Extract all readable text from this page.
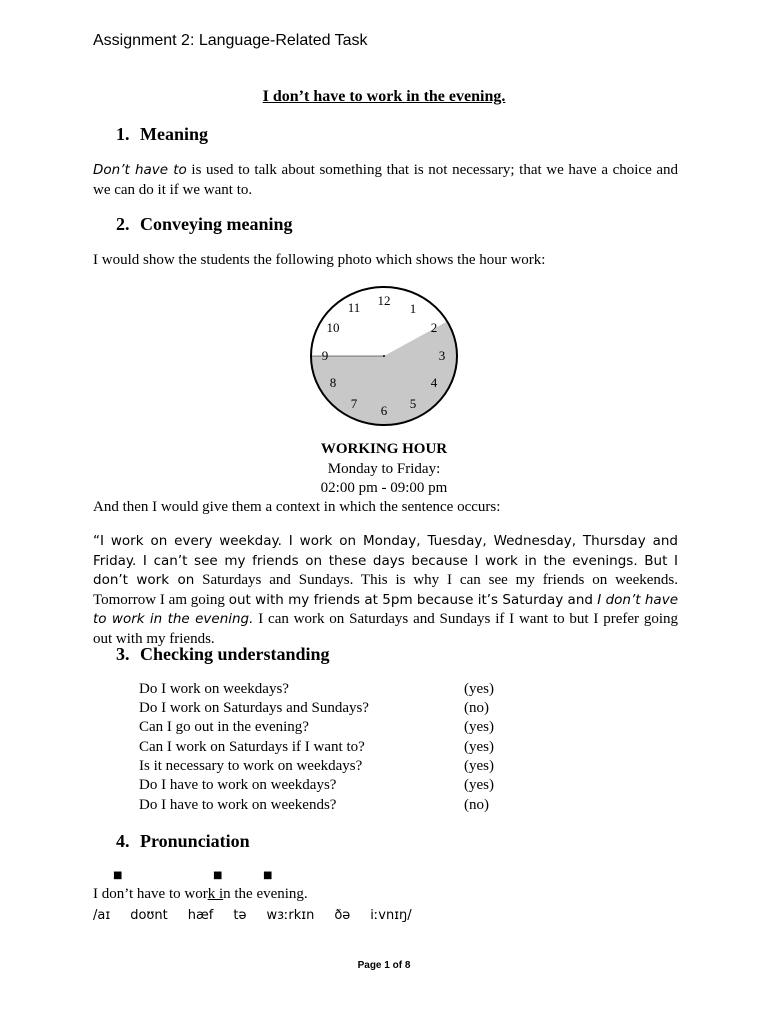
Assignment 2: Language-Related Task
I don’t have to work in the evening.
1. Meaning
Don’t have to is used to talk about something that is not necessary; that we have a choice and we can do it if we want to.
2. Conveying meaning
I would show the students the following photo which shows the hour work:
12
1
2
3
4
5
6
7
8
9
10
11
WORKING HOUR
Monday to Friday:
02:00 pm - 09:00 pm
And then I would give them a context in which the sentence occurs:
“I work on every weekday. I work on Monday, Tuesday, Wednesday, Thursday and Friday. I can’t see my friends on these days because I work in the evenings. But I don’t work on Saturdays and Sundays. This is why I can see my friends on weekends. Tomorrow I am going out with my friends at 5pm because it’s Saturday and I don’t have to work in the evening. I can work on Saturdays and Sundays if I want to but I prefer going out with my friends.
3. Checking understanding
Do I work on weekdays?	(yes)
Do I work on Saturdays and Sundays?	(no)
Can I go out in the evening?	(yes)
Can I work on Saturdays if I want to?	(yes)
Is it necessary to work on weekdays?	(yes)
Do I have to work on weekdays?	(yes)
Do I have to work on weekends?	(no)
4. Pronunciation
■	■	■
I don’t have to work in the evening.
/aɪ doʊnt hæf tə wɜːrkɪn ðə iːvnɪŋ/
Page 1 of 8
